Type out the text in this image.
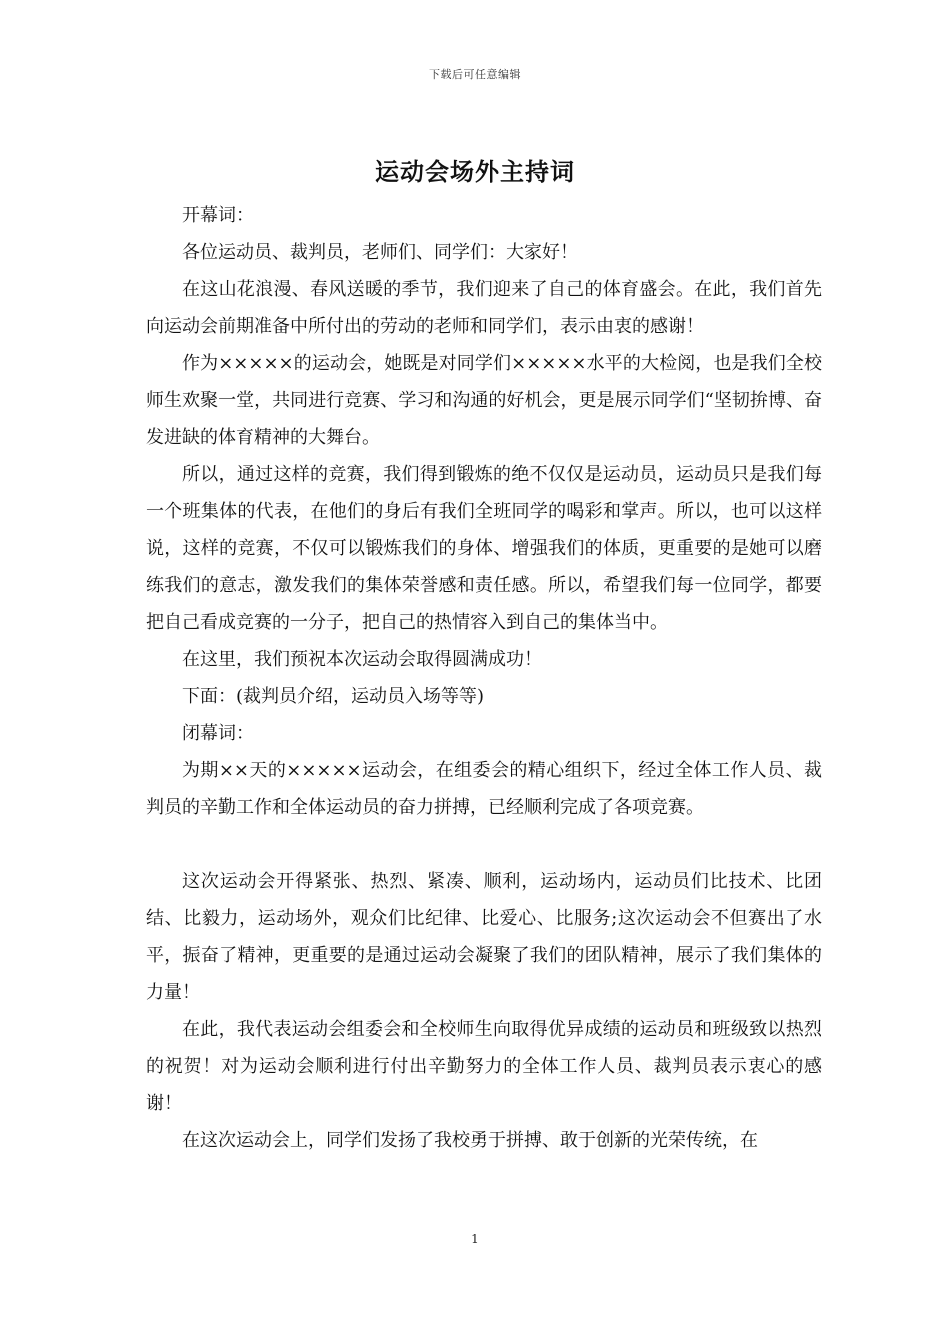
下载后可任意编辑
运动会场外主持词

开幕词：

各位运动员、裁判员，老师们、同学们：大家好！

在这山花浪漫、春风送暖的季节，我们迎来了自己的体育盛会。在此，我们首先向运动会前期准备中所付出的劳动的老师和同学们，表示由衷的感谢！

作为×××××的运动会，她既是对同学们×××××水平的大检阅，也是我们全校师生欢聚一堂，共同进行竞赛、学习和沟通的好机会，更是展示同学们“坚韧拚博、奋发进缺的体育精神的大舞台。

所以，通过这样的竞赛，我们得到锻炼的绝不仅仅是运动员，运动员只是我们每一个班集体的代表，在他们的身后有我们全班同学的喝彩和掌声。所以，也可以这样说，这样的竞赛，不仅可以锻炼我们的身体、增强我们的体质，更重要的是她可以磨练我们的意志，激发我们的集体荣誉感和责任感。所以，希望我们每一位同学，都要把自己看成竞赛的一分子，把自己的热情容入到自己的集体当中。

在这里，我们预祝本次运动会取得圆满成功！

下面：(裁判员介绍，运动员入场等等)

闭幕词：

为期××天的×××××运动会，在组委会的精心组织下，经过全体工作人员、裁判员的辛勤工作和全体运动员的奋力拼搏，已经顺利完成了各项竞赛。

这次运动会开得紧张、热烈、紧凑、顺利，运动场内，运动员们比技术、比团结、比毅力，运动场外，观众们比纪律、比爱心、比服务;这次运动会不但赛出了水平，振奋了精神，更重要的是通过运动会凝聚了我们的团队精神，展示了我们集体的力量！

在此，我代表运动会组委会和全校师生向取得优异成绩的运动员和班级致以热烈的祝贺！对为运动会顺利进行付出辛勤努力的全体工作人员、裁判员表示衷心的感谢！

在这次运动会上，同学们发扬了我校勇于拼搏、敢于创新的光荣传统，在

1
